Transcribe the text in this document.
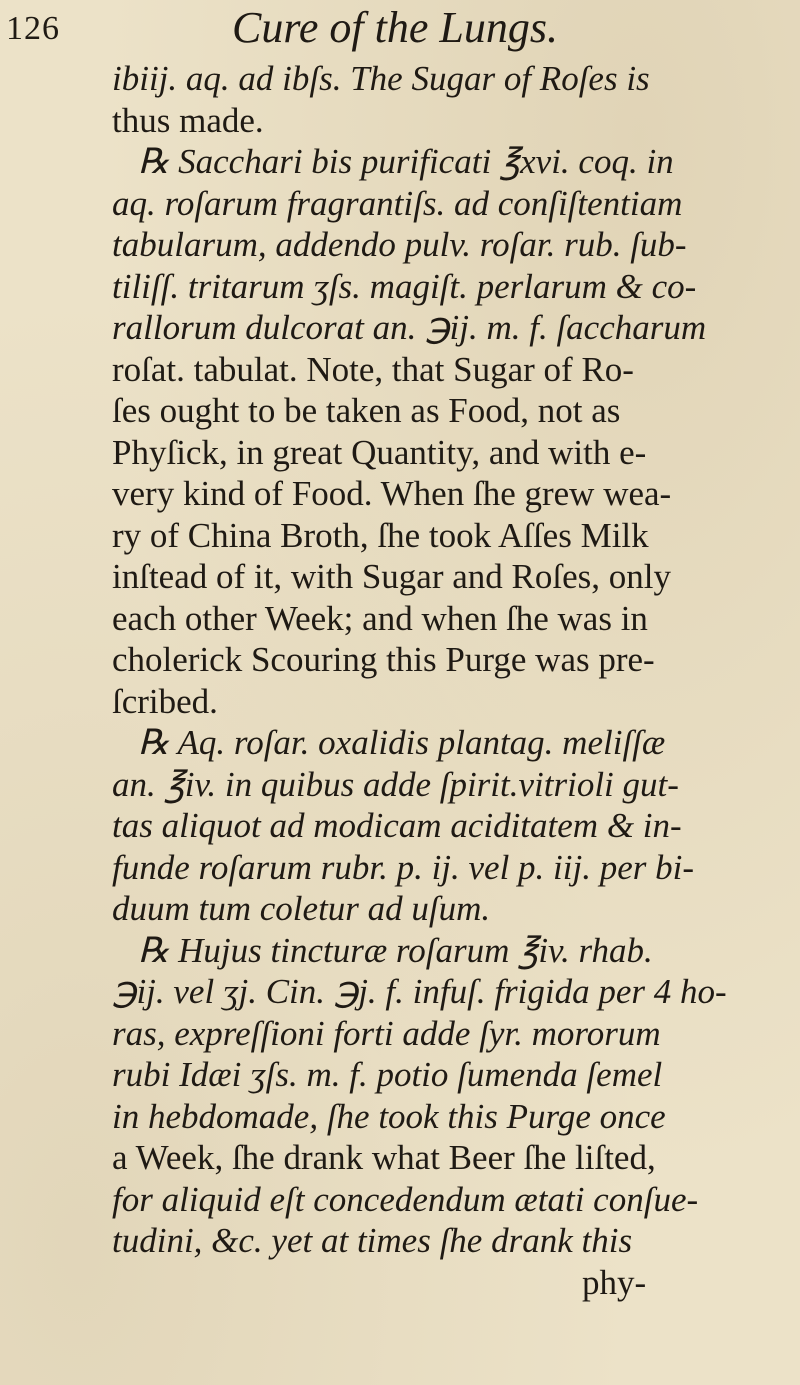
126	Cure of the Lungs.
ibiij. aq. ad ibſs. The Sugar of Roſes is
thus made.
℞ Sacchari bis purificati ℥xvi. coq. in
aq. roſarum fragrantiſs. ad conſiſtentiam
tabularum, addendo pulv. roſar. rub. ſub-
tiliſſ. tritarum ʒſs. magiſt. perlarum & co-
rallorum dulcorat an. ℈ij. m. f. ſaccharum
roſat. tabulat. Note, that Sugar of Ro-
ſes ought to be taken as Food, not as
Phyſick, in great Quantity, and with e-
very kind of Food. When ſhe grew wea-
ry of China Broth, ſhe took Aſſes Milk
inſtead of it, with Sugar and Roſes, only
each other Week; and when ſhe was in
cholerick Scouring this Purge was pre-
ſcribed.
℞ Aq. roſar. oxalidis plantag. meliſſæ
an. ℥iv. in quibus adde ſpirit.vitrioli gut-
tas aliquot ad modicam aciditatem & in-
funde roſarum rubr. p. ij. vel p. iij. per bi-
duum tum coletur ad uſum.
℞ Hujus tincturæ roſarum ℥iv. rhab.
℈ij. vel ʒj. Cin. ℈j. f. infuſ. frigida per 4 ho-
ras, expreſſioni forti adde ſyr. mororum
rubi Idæi ʒſs. m. f. potio ſumenda ſemel
in hebdomade, ſhe took this Purge once
a Week, ſhe drank what Beer ſhe liſted,
for aliquid eſt concedendum ætati conſue-
tudini, &c. yet at times ſhe drank this
phy-
